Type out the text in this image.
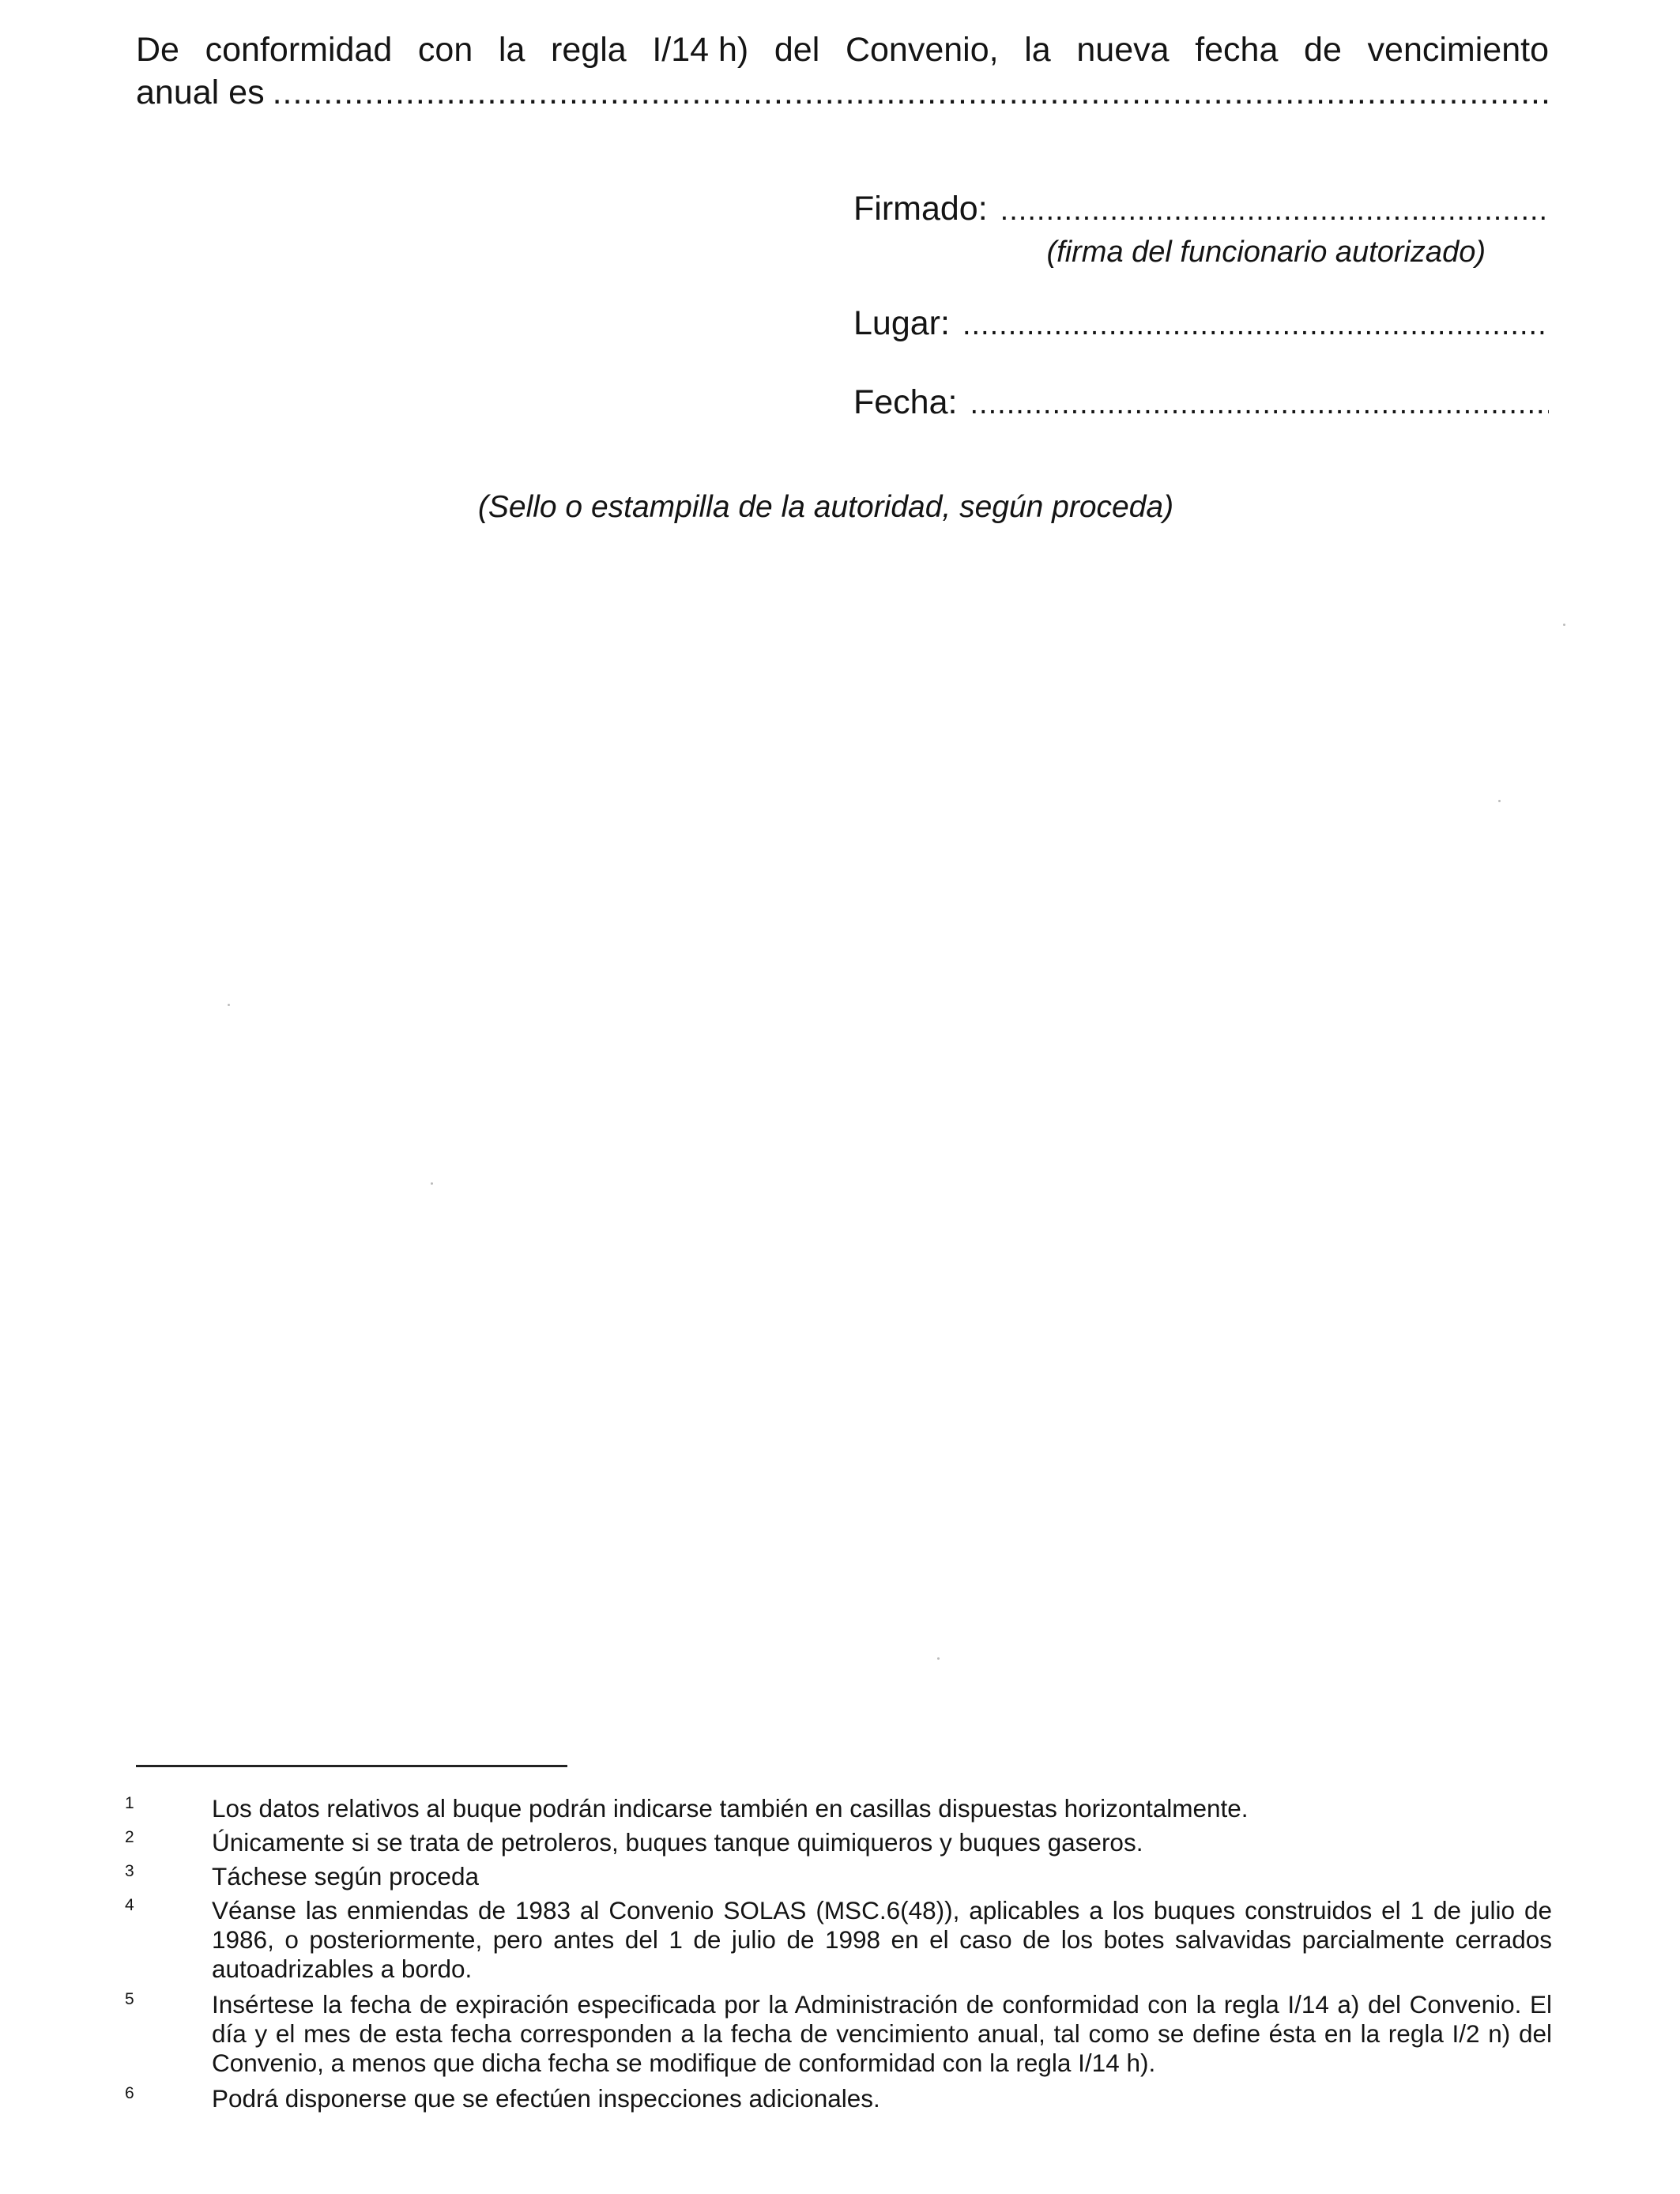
De conformidad con la regla I/14 h) del Convenio, la nueva fecha de vencimiento
anual es
.....
Firmado:
.....
(firma del funcionario autorizado)
Lugar:
.....
Fecha:
.....
(Sello o estampilla de la autoridad, según proceda)
1	Los datos relativos al buque podrán indicarse también en casillas dispuestas horizontalmente.
2	Únicamente si se trata de petroleros, buques tanque quimiqueros y buques gaseros.
3	Táchese según proceda
4	Véanse las enmiendas de 1983 al Convenio SOLAS (MSC.6(48)), aplicables a los buques construidos el 1 de julio de 1986, o posteriormente, pero antes del 1 de julio de 1998 en el caso de los botes salvavidas parcialmente cerrados autoadrizables a bordo.
5	Insértese la fecha de expiración especificada por la Administración de conformidad con la regla I/14 a) del Convenio. El día y el mes de esta fecha corresponden a la fecha de vencimiento anual, tal como se define ésta en la regla I/2 n) del Convenio, a menos que dicha fecha se modifique de conformidad con la regla I/14 h).
6	Podrá disponerse que se efectúen inspecciones adicionales.
